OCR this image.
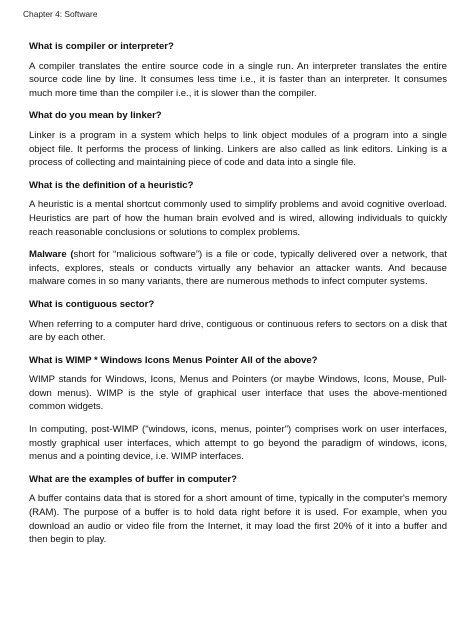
Chapter 4: Software
What is compiler or interpreter?
A compiler translates the entire source code in a single run. An interpreter translates the entire source code line by line. It consumes less time i.e., it is faster than an interpreter. It consumes much more time than the compiler i.e., it is slower than the compiler.
What do you mean by linker?
Linker is a program in a system which helps to link object modules of a program into a single object file. It performs the process of linking. Linkers are also called as link editors. Linking is a process of collecting and maintaining piece of code and data into a single file.
What is the definition of a heuristic?
A heuristic is a mental shortcut commonly used to simplify problems and avoid cognitive overload. Heuristics are part of how the human brain evolved and is wired, allowing individuals to quickly reach reasonable conclusions or solutions to complex problems.
Malware (short for “malicious software”) is a file or code, typically delivered over a network, that infects, explores, steals or conducts virtually any behavior an attacker wants. And because malware comes in so many variants, there are numerous methods to infect computer systems.
What is contiguous sector?
When referring to a computer hard drive, contiguous or continuous refers to sectors on a disk that are by each other.
What is WIMP * Windows Icons Menus Pointer All of the above?
WIMP stands for Windows, Icons, Menus and Pointers (or maybe Windows, Icons, Mouse, Pull-down menus). WIMP is the style of graphical user interface that uses the above-mentioned common widgets.
In computing, post-WIMP ("windows, icons, menus, pointer") comprises work on user interfaces, mostly graphical user interfaces, which attempt to go beyond the paradigm of windows, icons, menus and a pointing device, i.e. WIMP interfaces.
What are the examples of buffer in computer?
A buffer contains data that is stored for a short amount of time, typically in the computer's memory (RAM). The purpose of a buffer is to hold data right before it is used. For example, when you download an audio or video file from the Internet, it may load the first 20% of it into a buffer and then begin to play.
